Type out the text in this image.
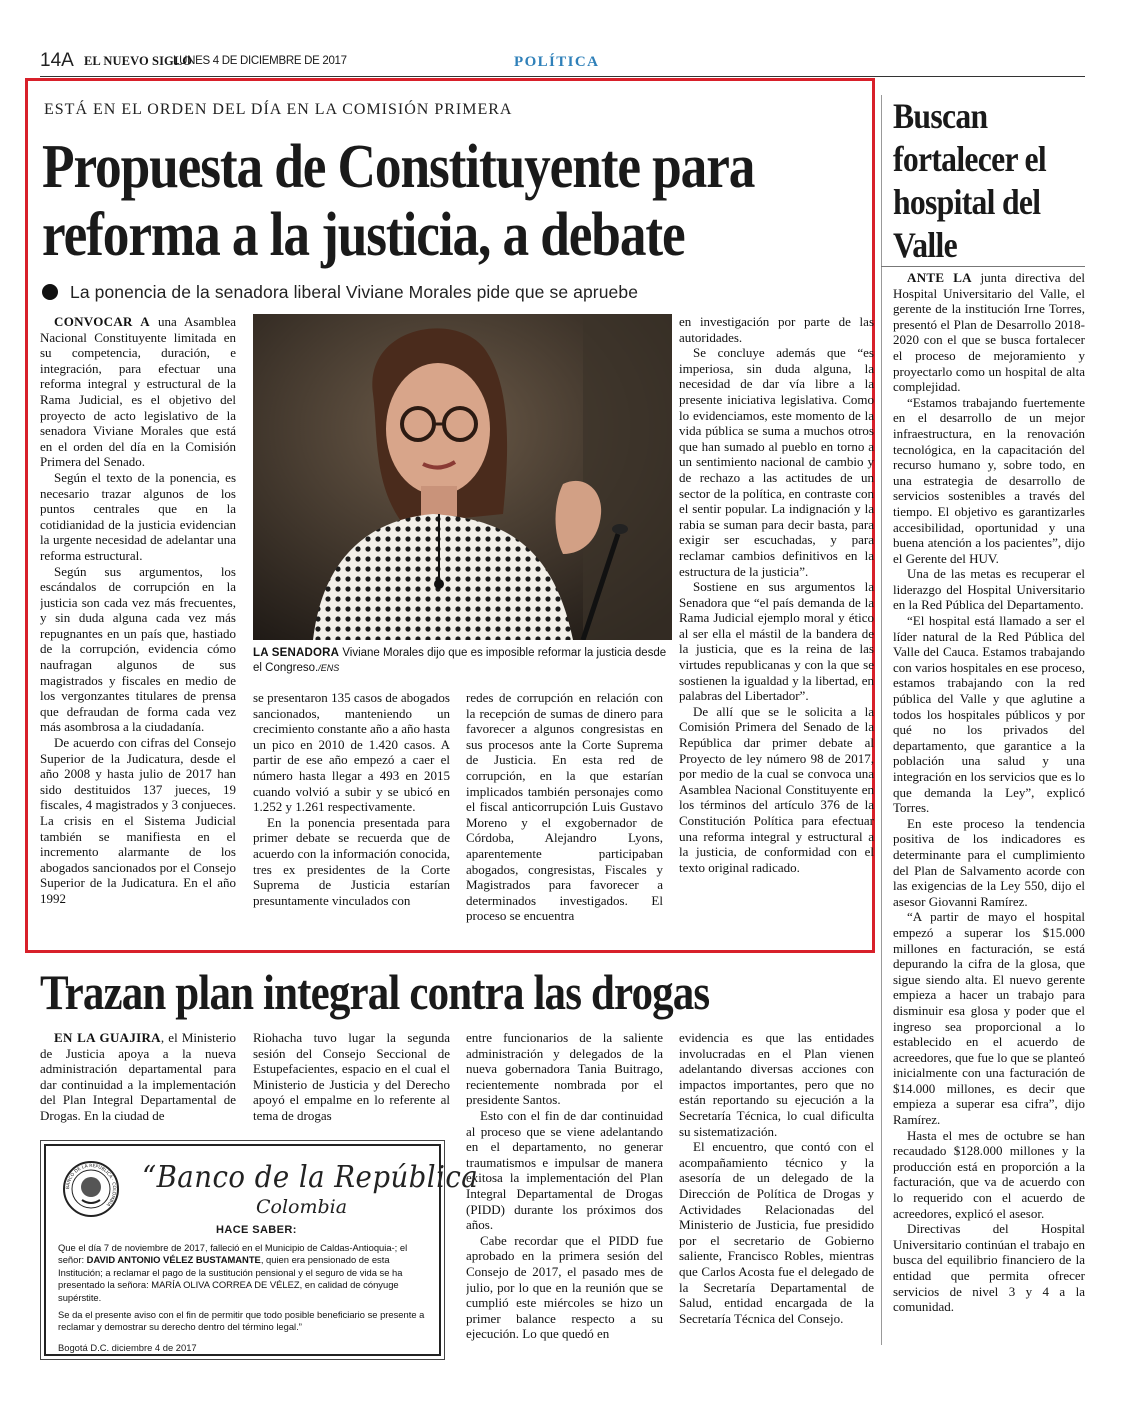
14A EL NUEVO SIGLO
LUNES 4 DE DICIEMBRE DE 2017	POLÍTICA
ESTÁ EN EL ORDEN DEL DÍA EN LA COMISIÓN PRIMERA
Propuesta de Constituyente para
reforma a la justicia, a debate
La ponencia de la senadora liberal Viviane Morales pide que se apruebe

CONVOCAR A una Asamblea Nacional Constituyente limitada en su competencia, duración, e integración, para efectuar una reforma integral y estructural de la Rama Judicial, es el objetivo del proyecto de acto legislativo de la senadora Viviane Morales que está en el orden del día en la Comisión Primera del Senado.

Según el texto de la ponencia, es necesario trazar algunos de los puntos centrales que en la cotidianidad de la justicia evidencian la urgente necesidad de adelantar una reforma estructural.

Según sus argumentos, los escándalos de corrupción en la justicia son cada vez más frecuentes, y sin duda alguna cada vez más repugnantes en un país que, hastiado de la corrupción, evidencia cómo naufragan algunos de sus magistrados y fiscales en medio de los vergonzantes titulares de prensa que defraudan de forma cada vez más asombrosa a la ciudadanía.

De acuerdo con cifras del Consejo Superior de la Judicatura, desde el año 2008 y hasta julio de 2017 han sido destituidos 137 jueces, 19 fiscales, 4 magistrados y 3 conjueces. La crisis en el Sistema Judicial también se manifiesta en el incremento alarmante de los abogados sancionados por el Consejo Superior de la Judicatura. En el año 1992

LA SENADORA Viviane Morales dijo que es imposible reformar la justicia desde el Congreso./ENS

se presentaron 135 casos de abogados sancionados, manteniendo un crecimiento constante año a año hasta un pico en 2010 de 1.420 casos. A partir de ese año empezó a caer el número hasta llegar a 493 en 2015 cuando volvió a subir y se ubicó en 1.252 y 1.261 respectivamente.

En la ponencia presentada para primer debate se recuerda que de acuerdo con la información conocida, tres ex presidentes de la Corte Suprema de Justicia estarían presuntamente vinculados con

redes de corrupción en relación con la recepción de sumas de dinero para favorecer a algunos congresistas en sus procesos ante la Corte Suprema de Justicia. En esta red de corrupción, en la que estarían implicados también personajes como el fiscal anticorrupción Luis Gustavo Moreno y el exgobernador de Córdoba, Alejandro Lyons, aparentemente participaban abogados, congresistas, Fiscales y Magistrados para favorecer a determinados investigados. El proceso se encuentra

en investigación por parte de las autoridades.

Se concluye además que “es imperiosa, sin duda alguna, la necesidad de dar vía libre a la presente iniciativa legislativa. Como lo evidenciamos, este momento de la vida pública se suma a muchos otros que han sumado al pueblo en torno a un sentimiento nacional de cambio y de rechazo a las actitudes de un sector de la política, en contraste con el sentir popular. La indignación y la rabia se suman para decir basta, para exigir ser escuchadas, y para reclamar cambios definitivos en la estructura de la justicia”.

Sostiene en sus argumentos la Senadora que “el país demanda de la Rama Judicial ejemplo moral y ético al ser ella el mástil de la bandera de la justicia, que es la reina de las virtudes republicanas y con la que se sostienen la igualdad y la libertad, en palabras del Libertador”.

De allí que se le solicita a la Comisión Primera del Senado de la República dar primer debate al Proyecto de ley número 98 de 2017, por medio de la cual se convoca una Asamblea Nacional Constituyente en los términos del artículo 376 de la Constitución Política para efectuar una reforma integral y estructural a la justicia, de conformidad con el texto original radicado.

Buscan fortalecer el hospital del Valle

ANTE LA junta directiva del Hospital Universitario del Valle, el gerente de la institución Irne Torres, presentó el Plan de Desarrollo 2018-2020 con el que se busca fortalecer el proceso de mejoramiento y proyectarlo como un hospital de alta complejidad.

“Estamos trabajando fuertemente en el desarrollo de un mejor infraestructura, en la renovación tecnológica, en la capacitación del recurso humano y, sobre todo, en una estrategia de desarrollo de servicios sostenibles a través del tiempo. El objetivo es garantizarles accesibilidad, oportunidad y una buena atención a los pacientes”, dijo el Gerente del HUV.

Una de las metas es recuperar el liderazgo del Hospital Universitario en la Red Pública del Departamento.

“El hospital está llamado a ser el líder natural de la Red Pública del Valle del Cauca. Estamos trabajando con varios hospitales en ese proceso, estamos trabajando con la red pública del Valle y que aglutine a todos los hospitales públicos y por qué no los privados del departamento, que garantice a la población una salud y una integración en los servicios que es lo que demanda la Ley”, explicó Torres.

En este proceso la tendencia positiva de los indicadores es determinante para el cumplimiento del Plan de Salvamento acorde con las exigencias de la Ley 550, dijo el asesor Giovanni Ramírez.

“A partir de mayo el hospital empezó a superar los $15.000 millones en facturación, se está depurando la cifra de la glosa, que sigue siendo alta. El nuevo gerente empieza a hacer un trabajo para disminuir esa glosa y poder que el ingreso sea proporcional a lo establecido en el acuerdo de acreedores, que fue lo que se planteó inicialmente con una facturación de $14.000 millones, es decir que empieza a superar esa cifra”, dijo Ramírez.

Hasta el mes de octubre se han recaudado $128.000 millones y la producción está en proporción a la facturación, que va de acuerdo con lo requerido con el acuerdo de acreedores, explicó el asesor.

Directivas del Hospital Universitario continúan el trabajo en busca del equilibrio financiero de la entidad que permita ofrecer servicios de nivel 3 y 4 a la comunidad.

Trazan plan integral contra las drogas

EN LA GUAJIRA, el Ministerio de Justicia apoya a la nueva administración departamental para dar continuidad a la implementación del Plan Integral Departamental de Drogas. En la ciudad de

Riohacha tuvo lugar la segunda sesión del Consejo Seccional de Estupefacientes, espacio en el cual el Ministerio de Justicia y del Derecho apoyó el empalme en lo referente al tema de drogas

entre funcionarios de la saliente administración y delegados de la nueva gobernadora Tania Buitrago, recientemente nombrada por el presidente Santos.

Esto con el fin de dar continuidad al proceso que se viene adelantando en el departamento, no generar traumatismos e impulsar de manera exitosa la implementación del Plan Integral Departamental de Drogas (PIDD) durante los próximos dos años.

Cabe recordar que el PIDD fue aprobado en la primera sesión del Consejo de 2017, el pasado mes de julio, por lo que en la reunión que se cumplió este miércoles se hizo un primer balance respecto a su ejecución. Lo que quedó en

evidencia es que las entidades involucradas en el Plan vienen adelantando diversas acciones con impactos importantes, pero que no están reportando su ejecución a la Secretaría Técnica, lo cual dificulta su sistematización.

El encuentro, que contó con el acompañamiento técnico y la asesoría de un delegado de la Dirección de Política de Drogas y Actividades Relacionadas del Ministerio de Justicia, fue presidido por el secretario de Gobierno saliente, Francisco Robles, mientras que Carlos Acosta fue el delegado de la Secretaría Departamental de Salud, entidad encargada de la Secretaría Técnica del Consejo.

BANCO DE LA REPÚBLICA · COLOMBIA
“Banco de la República
Colombia
HACE SABER:

Que el día 7 de noviembre de 2017, falleció en el Municipio de Caldas-Antioquia-; el señor: DAVID ANTONIO VÉLEZ BUSTAMANTE, quien era pensionado de esta Institución; a reclamar el pago de la sustitución pensional y el seguro de vida se ha presentado la señora: MARÍA OLIVA CORREA DE VÉLEZ, en calidad de cónyuge supérstite.

Se da el presente aviso con el fin de permitir que todo posible beneficiario se presente a reclamar y demostrar su derecho dentro del término legal.”

Bogotá D.C. diciembre 4 de 2017
